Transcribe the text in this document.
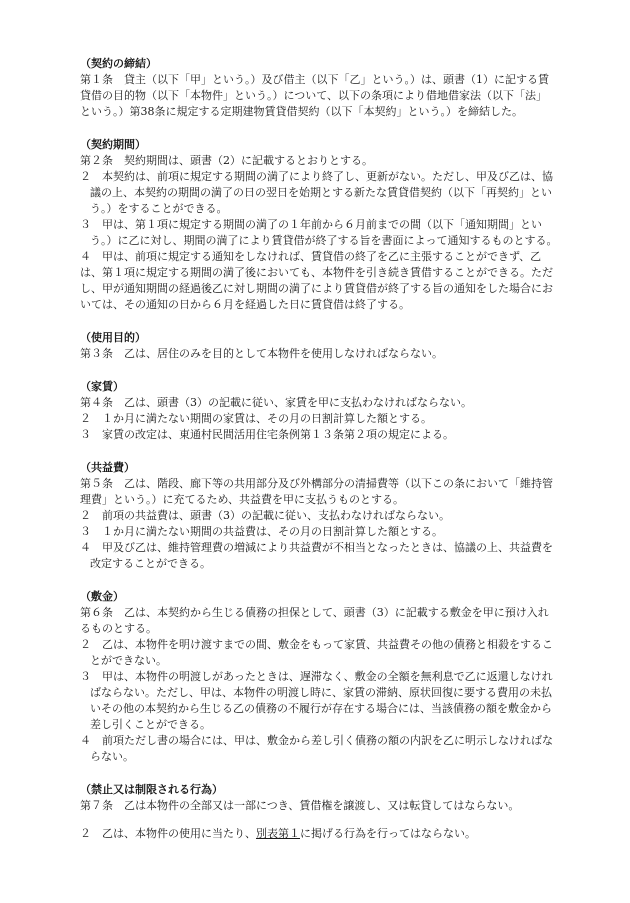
（契約の締結）
第１条　貸主（以下「甲」という。）及び借主（以下「乙」という。）は、頭書（1）に記する賃貸借の目的物（以下「本物件」という。）について、以下の条項により借地借家法（以下「法」という。）第38条に規定する定期建物賃貸借契約（以下「本契約」という。）を締結した。
（契約期間）
第２条　契約期間は、頭書（2）に記載するとおりとする。
２　本契約は、前項に規定する期間の満了により終了し、更新がない。ただし、甲及び乙は、協議の上、本契約の期間の満了の日の翌日を始期とする新たな賃貸借契約（以下「再契約」という。）をすることができる。
３　甲は、第１項に規定する期間の満了の１年前から６月前までの間（以下「通知期間」という。）に乙に対し、期間の満了により賃貸借が終了する旨を書面によって通知するものとする。
４　甲は、前項に規定する通知をしなければ、賃貸借の終了を乙に主張することができず、乙は、第１項に規定する期間の満了後においても、本物件を引き続き賃借することができる。ただし、甲が通知期間の経過後乙に対し期間の満了により賃貸借が終了する旨の通知をした場合においては、その通知の日から６月を経過した日に賃貸借は終了する。
（使用目的）
第３条　乙は、居住のみを目的として本物件を使用しなければならない。
（家賃）
第４条　乙は、頭書（3）の記載に従い、家賃を甲に支払わなければならない。
２　１か月に満たない期間の家賃は、その月の日割計算した額とする。
３　家賃の改定は、東通村民間活用住宅条例第１３条第２項の規定による。
（共益費）
第５条　乙は、階段、廊下等の共用部分及び外構部分の清掃費等（以下この条において「維持管理費」という。）に充てるため、共益費を甲に支払うものとする。
２　前項の共益費は、頭書（3）の記載に従い、支払わなければならない。
３　１か月に満たない期間の共益費は、その月の日割計算した額とする。
４　甲及び乙は、維持管理費の増減により共益費が不相当となったときは、協議の上、共益費を改定することができる。
（敷金）
第６条　乙は、本契約から生じる債務の担保として、頭書（3）に記載する敷金を甲に預け入れるものとする。
２　乙は、本物件を明け渡すまでの間、敷金をもって家賃、共益費その他の債務と相殺をすることができない。
３　甲は、本物件の明渡しがあったときは、遅滞なく、敷金の全額を無利息で乙に返還しなければならない。ただし、甲は、本物件の明渡し時に、家賃の滞納、原状回復に要する費用の未払いその他の本契約から生じる乙の債務の不履行が存在する場合には、当該債務の額を敷金から差し引くことができる。
４　前項ただし書の場合には、甲は、敷金から差し引く債務の額の内訳を乙に明示しなければならない。
（禁止又は制限される行為）
第７条　乙は本物件の全部又は一部につき、賃借権を譲渡し、又は転貸してはならない。
２　乙は、本物件の使用に当たり、別表第１に掲げる行為を行ってはならない。
